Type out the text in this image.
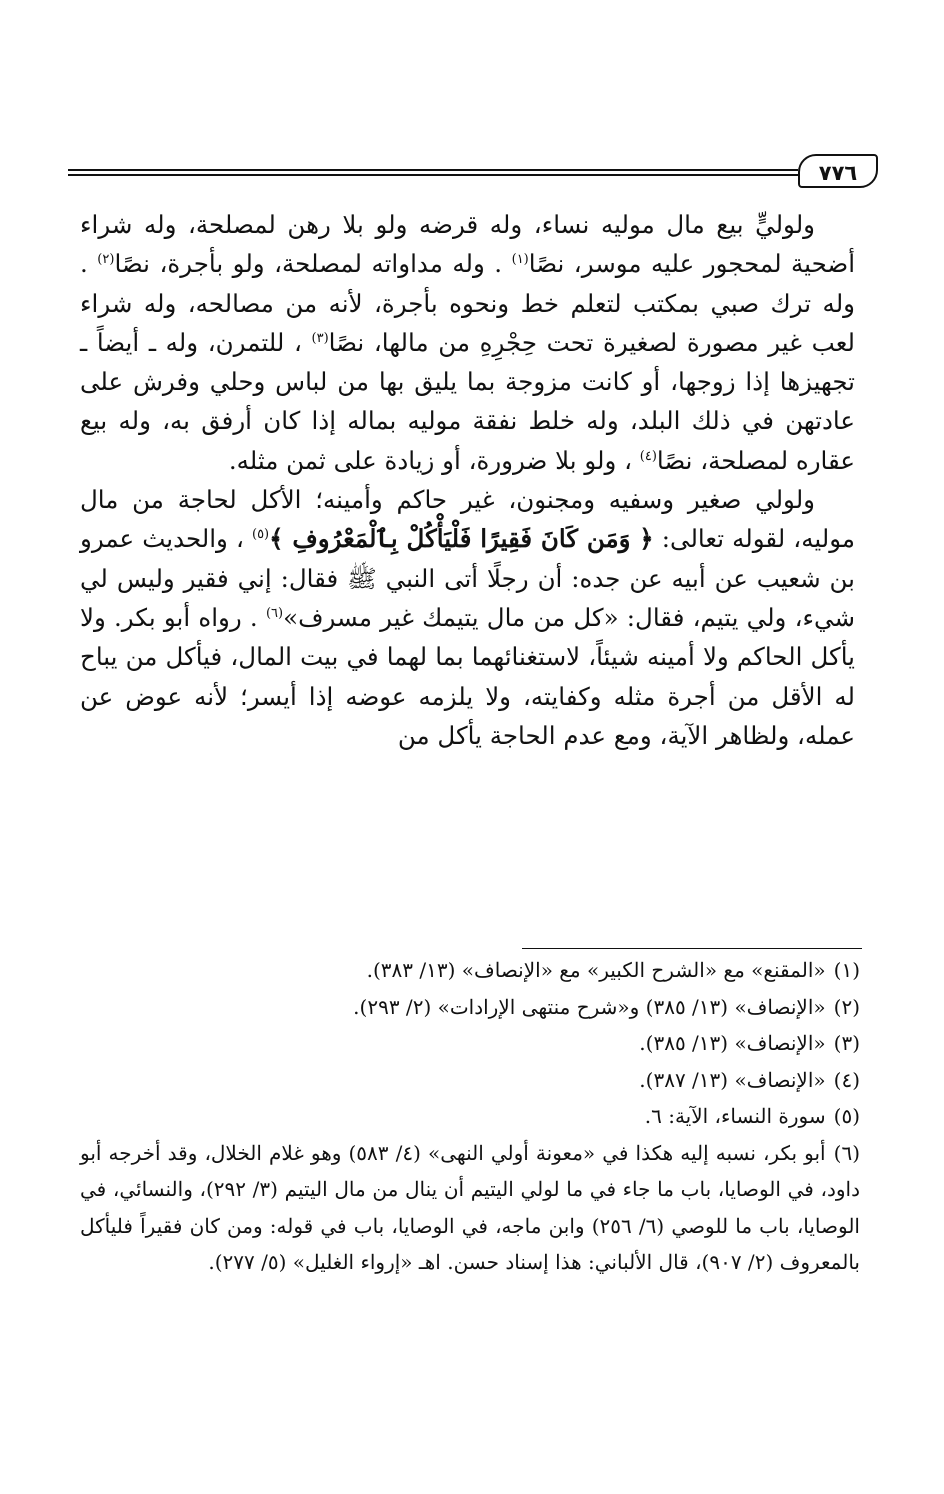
٧٧٦

ولوليٍّ بيع مال موليه نساء، وله قرضه ولو بلا رهن لمصلحة، وله شراء أضحية لمحجور عليه موسر، نصًا$^{(١)}$ . وله مداواته لمصلحة، ولو بأجرة، نصًا$^{(٢)}$ . وله ترك صبي بمكتب لتعلم خط ونحوه بأجرة، لأنه من مصالحه، وله شراء لعب غير مصورة لصغيرة تحت حِجْرِهِ من مالها، نصًا$^{(٣)}$ ، للتمرن، وله ـ أيضاً ـ تجهيزها إذا زوجها، أو كانت مزوجة بما يليق بها من لباس وحلي وفرش على عادتهن في ذلك البلد، وله خلط نفقة موليه بماله إذا كان أرفق به، وله بيع عقاره لمصلحة، نصًا$^{(٤)}$ ، ولو بلا ضرورة، أو زيادة على ثمن مثله.

ولولي صغير وسفيه ومجنون، غير حاكم وأمينه؛ الأكل لحاجة من مال موليه، لقوله تعالى: ﴿ وَمَن كَانَ فَقِيرًا فَلْيَأْكُلْ بِٱلْمَعْرُوفِ ﴾$^{(٥)}$ ، والحديث عمرو بن شعيب عن أبيه عن جده: أن رجلًا أتى النبي ﷺ فقال: إني فقير وليس لي شيء، ولي يتيم، فقال: «كل من مال يتيمك غير مسرف»$^{(٦)}$ . رواه أبو بكر. ولا يأكل الحاكم ولا أمينه شيئاً، لاستغنائهما بما لهما في بيت المال، فيأكل من يباح له الأقل من أجرة مثله وكفايته، ولا يلزمه عوضه إذا أيسر؛ لأنه عوض عن عمله، ولظاهر الآية، ومع عدم الحاجة يأكل من

(١)«المقنع» مع «الشرح الكبير» مع «الإنصاف» (١٣/ ٣٨٣).

(٢)«الإنصاف» (١٣/ ٣٨٥) و«شرح منتهى الإرادات» (٢/ ٢٩٣).

(٣)«الإنصاف» (١٣/ ٣٨٥).

(٤)«الإنصاف» (١٣/ ٣٨٧).

(٥)سورة النساء، الآية: ٦.

(٦)أبو بكر، نسبه إليه هكذا في «معونة أولي النهى» (٤/ ٥٨٣) وهو غلام الخلال، وقد أخرجه أبو داود، في الوصايا، باب ما جاء في ما لولي اليتيم أن ينال من مال اليتيم (٣/ ٢٩٢)، والنسائي، في الوصايا، باب ما للوصي (٦/ ٢٥٦) وابن ماجه، في الوصايا، باب في قوله: ومن كان فقيراً فليأكل بالمعروف (٢/ ٩٠٧)، قال الألباني: هذا إسناد حسن. اهـ «إرواء الغليل» (٥/ ٢٧٧).
